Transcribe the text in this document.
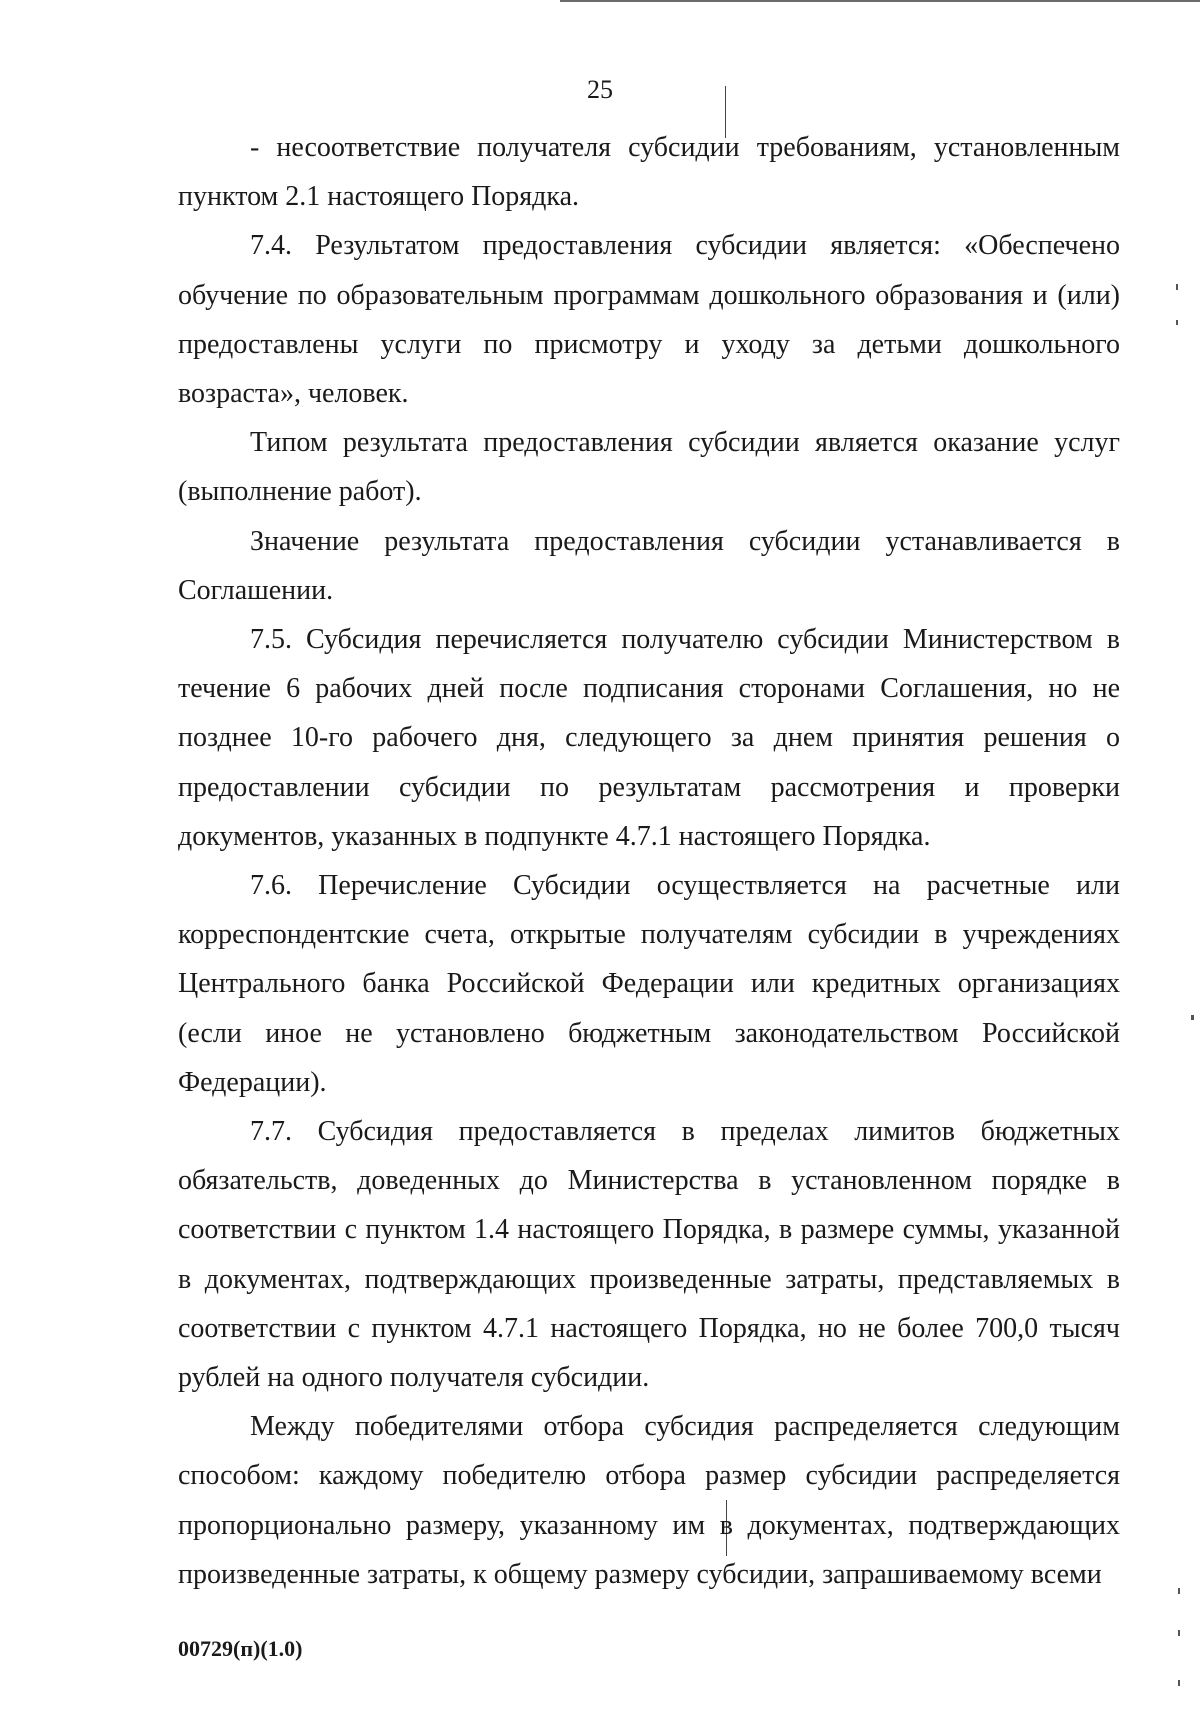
25

- несоответствие получателя субсидии требованиям, установленным пунктом 2.1 настоящего Порядка.

7.4. Результатом предоставления субсидии является: «Обеспечено обучение по образовательным программам дошкольного образования и (или) предоставлены услуги по присмотру и уходу за детьми дошкольного возраста», человек.

Типом результата предоставления субсидии является оказание услуг (выполнение работ).

Значение результата предоставления субсидии устанавливается в Соглашении.

7.5. Субсидия перечисляется получателю субсидии Министерством в течение 6 рабочих дней после подписания сторонами Соглашения, но не позднее 10-го рабочего дня, следующего за днем принятия решения о предоставлении субсидии по результатам рассмотрения и проверки документов, указанных в подпункте 4.7.1 настоящего Порядка.

7.6. Перечисление Субсидии осуществляется на расчетные или корреспондентские счета, открытые получателям субсидии в учреждениях Центрального банка Российской Федерации или кредитных организациях (если иное не установлено бюджетным законодательством Российской Федерации).

7.7. Субсидия предоставляется в пределах лимитов бюджетных обязательств, доведенных до Министерства в установленном порядке в соответствии с пунктом 1.4 настоящего Порядка, в размере суммы, указанной в документах, подтверждающих произведенные затраты, представляемых в соответствии с пунктом 4.7.1 настоящего Порядка, но не более 700,0 тысяч рублей на одного получателя субсидии.

Между победителями отбора субсидия распределяется следующим способом: каждому победителю отбора размер субсидии распределяется пропорционально размеру, указанному им в документах, подтверждающих произведенные затраты, к общему размеру субсидии, запрашиваемому всеми

00729(п)(1.0)
